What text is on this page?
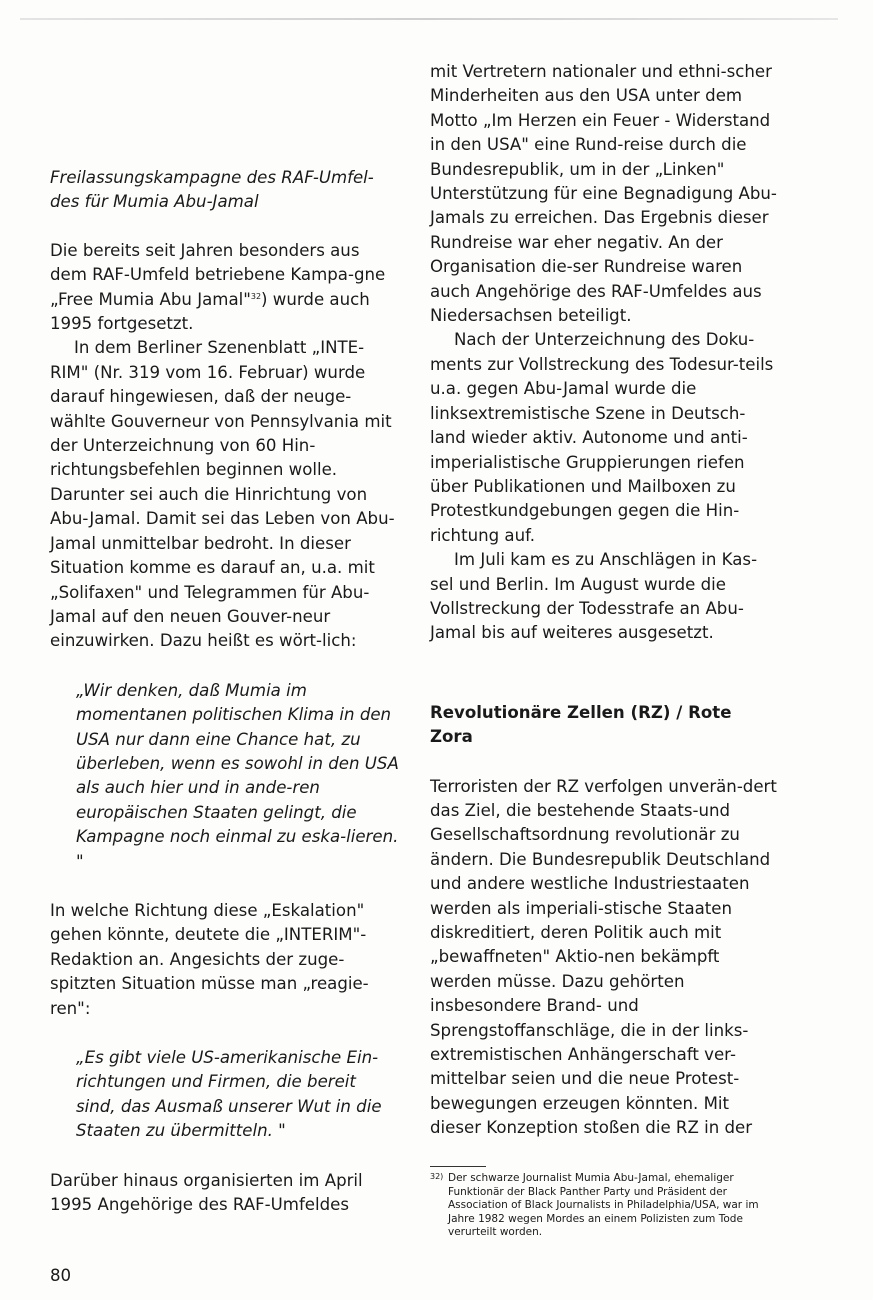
Freilassungskampagne des RAF-Umfel-des für Mumia Abu-Jamal

Die bereits seit Jahren besonders aus dem RAF-Umfeld betriebene Kampa-gne „Free Mumia Abu Jamal"$^{32}$) wurde auch 1995 fortgesetzt.

In dem Berliner Szenenblatt „INTE-RIM" (Nr. 319 vom 16. Februar) wurde darauf hingewiesen, daß der neuge-wählte Gouverneur von Pennsylvania mit der Unterzeichnung von 60 Hin-richtungsbefehlen beginnen wolle. Darunter sei auch die Hinrichtung von Abu-Jamal. Damit sei das Leben von Abu-Jamal unmittelbar bedroht. In dieser Situation komme es darauf an, u.a. mit „Solifaxen" und Telegrammen für Abu-Jamal auf den neuen Gouver-neur einzuwirken. Dazu heißt es wört-lich:

„Wir denken, daß Mumia im momentanen politischen Klima in den USA nur dann eine Chance hat, zu überleben, wenn es sowohl in den USA als auch hier und in ande-ren europäischen Staaten gelingt, die Kampagne noch einmal zu eska-lieren. "

In welche Richtung diese „Eskalation" gehen könnte, deutete die „INTERIM"-Redaktion an. Angesichts der zuge-spitzten Situation müsse man „reagie-ren":

„Es gibt viele US-amerikanische Ein-richtungen und Firmen, die bereit sind, das Ausmaß unserer Wut in die Staaten zu übermitteln. "

Darüber hinaus organisierten im April 1995 Angehörige des RAF-Umfeldes

mit Vertretern nationaler und ethni-scher Minderheiten aus den USA unter dem Motto „Im Herzen ein Feuer - Widerstand in den USA" eine Rund-reise durch die Bundesrepublik, um in der „Linken" Unterstützung für eine Begnadigung Abu-Jamals zu erreichen. Das Ergebnis dieser Rundreise war eher negativ. An der Organisation die-ser Rundreise waren auch Angehörige des RAF-Umfeldes aus Niedersachsen beteiligt.

Nach der Unterzeichnung des Doku-ments zur Vollstreckung des Todesur-teils u.a. gegen Abu-Jamal wurde die linksextremistische Szene in Deutsch-land wieder aktiv. Autonome und anti-imperialistische Gruppierungen riefen über Publikationen und Mailboxen zu Protestkundgebungen gegen die Hin-richtung auf.

Im Juli kam es zu Anschlägen in Kas-sel und Berlin. Im August wurde die Vollstreckung der Todesstrafe an Abu-Jamal bis auf weiteres ausgesetzt.

Revolutionäre Zellen (RZ) / Rote Zora

Terroristen der RZ verfolgen unverän-dert das Ziel, die bestehende Staats-und Gesellschaftsordnung revolutionär zu ändern. Die Bundesrepublik Deutschland und andere westliche Industriestaaten werden als imperiali-stische Staaten diskreditiert, deren Politik auch mit „bewaffneten" Aktio-nen bekämpft werden müsse. Dazu gehörten insbesondere Brand- und Sprengstoffanschläge, die in der links-extremistischen Anhängerschaft ver-mittelbar seien und die neue Protest-bewegungen erzeugen könnten. Mit dieser Konzeption stoßen die RZ in der

32) Der schwarze Journalist Mumia Abu-Jamal, ehemaliger Funktionär der Black Panther Party und Präsident der Association of Black Journalists in Philadelphia/USA, war im Jahre 1982 wegen Mordes an einem Polizisten zum Tode verurteilt worden.
80
